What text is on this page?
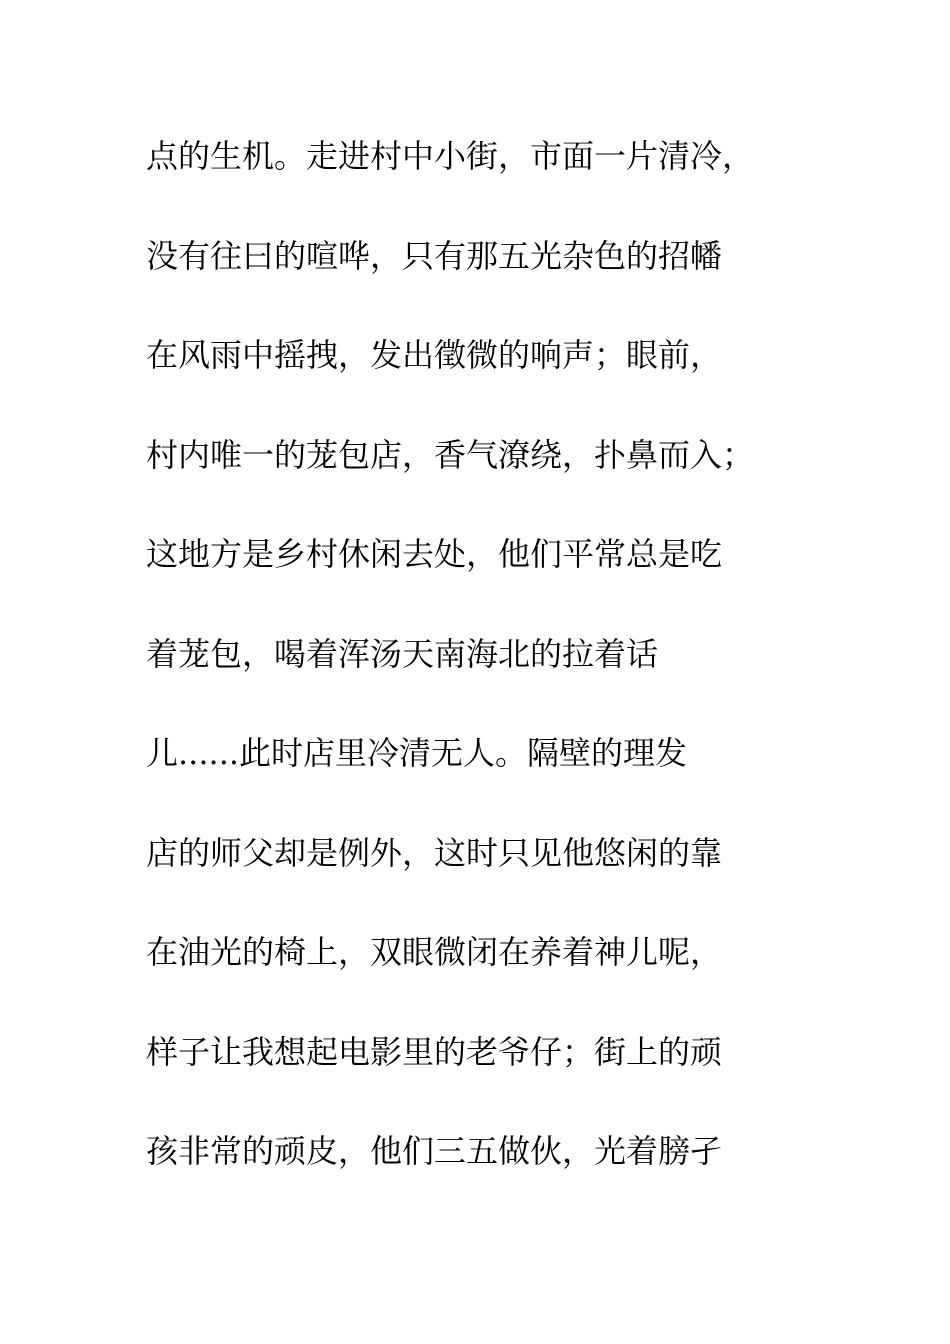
点的生机。走进村中小街，市面一片清冷，
没有往曰的喧哗，只有那五光杂色的招幡
在风雨中摇拽，发出徵微的响声；眼前，
村内唯一的茏包店，香气潦绕，扑鼻而入；
这地方是乡村休闲去处，他们平常总是吃
着茏包，喝着浑汤天南海北的拉着话
儿......此时店里冷清无人。隔壁的理发
店的师父却是例外，这时只见他悠闲的靠
在油光的椅上，双眼微闭在养着神儿呢，
样子让我想起电影里的老爷仔；街上的顽
孩非常的顽皮，他们三五做伙，光着膀孑
